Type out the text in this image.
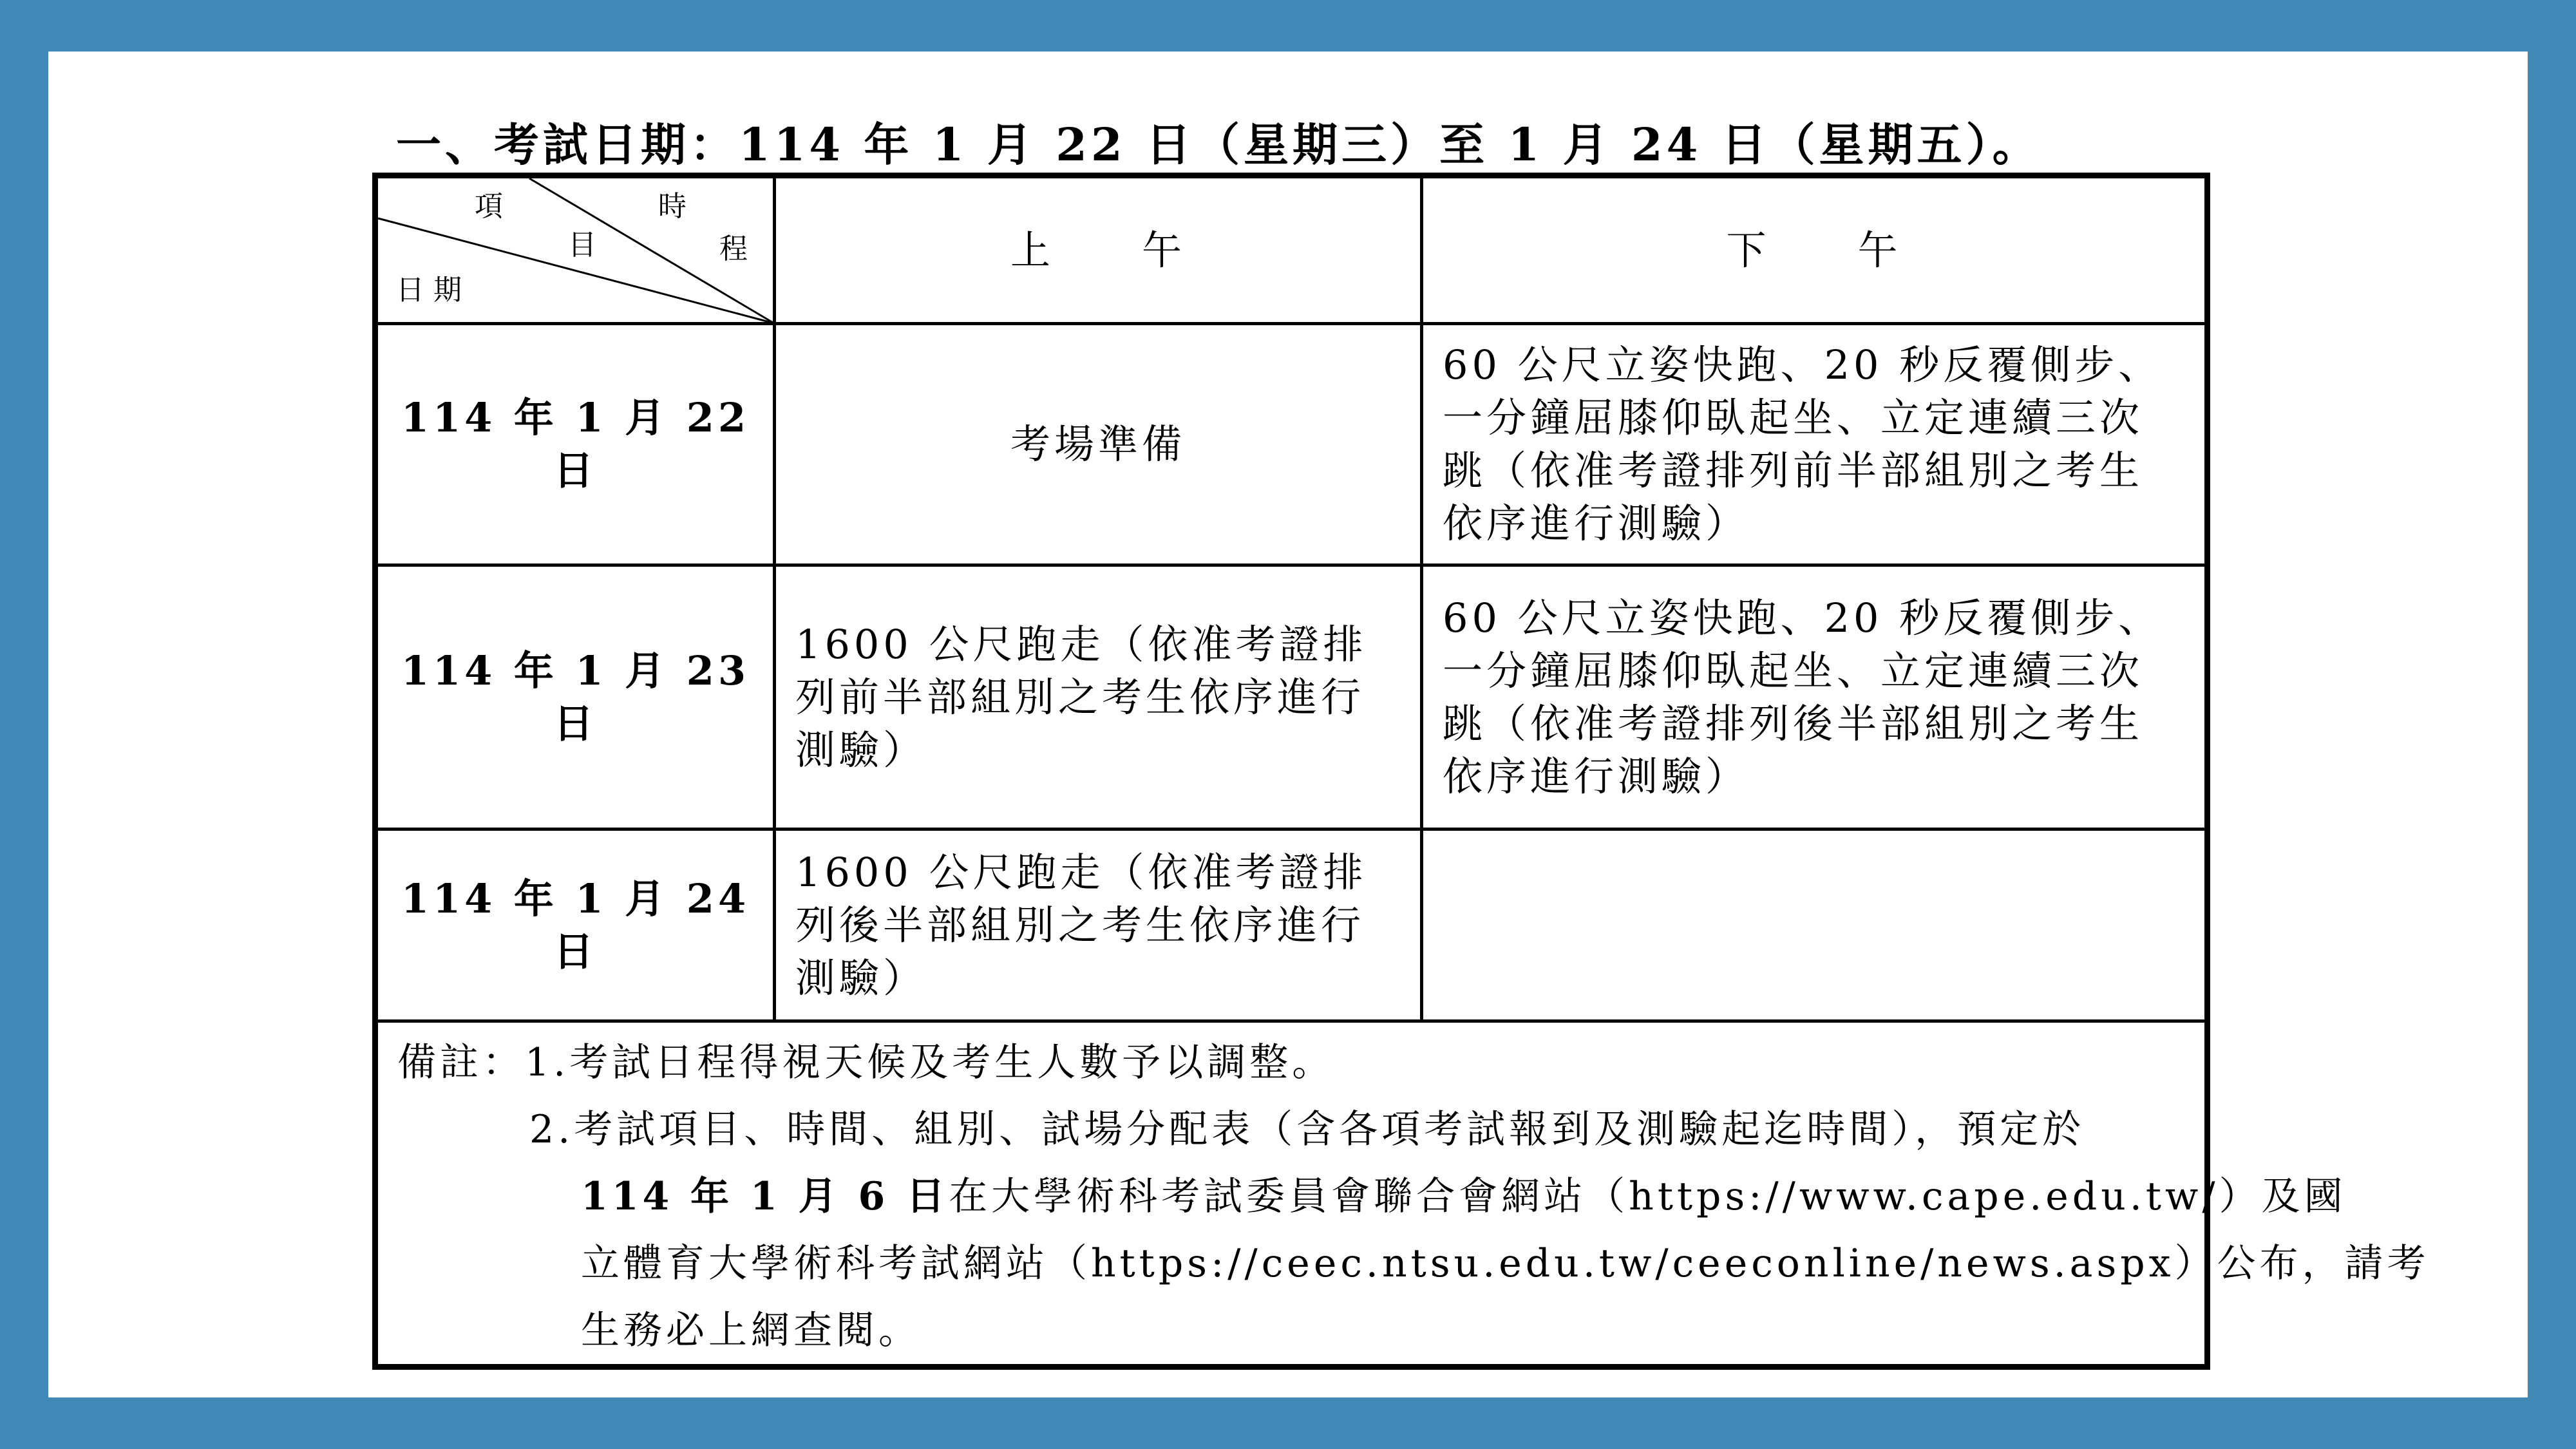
一、考試日期：114 年 1 月 22 日（星期三）至 1 月 24 日（星期五）。
項 時
目 程
日 期	上　　午	下　　午
114 年 1 月 22 日	考場準備	60 公尺立姿快跑、20 秒反覆側步、一分鐘屈膝仰臥起坐、立定連續三次跳（依准考證排列前半部組別之考生依序進行測驗）
114 年 1 月 23 日	1600 公尺跑走（依准考證排列前半部組別之考生依序進行測驗）	60 公尺立姿快跑、20 秒反覆側步、一分鐘屈膝仰臥起坐、立定連續三次跳（依准考證排列後半部組別之考生依序進行測驗）
114 年 1 月 24 日	1600 公尺跑走（依准考證排列後半部組別之考生依序進行測驗）	

備註：1.考試日程得視天候及考生人數予以調整。
2.考試項目、時間、組別、試場分配表（含各項考試報到及測驗起迄時間），預定於
114 年 1 月 6 日在大學術科考試委員會聯合會網站（https://www.cape.edu.tw/）及國
立體育大學術科考試網站（https://ceec.ntsu.edu.tw/ceeconline/news.aspx）公布，請考
生務必上網查閱。		
